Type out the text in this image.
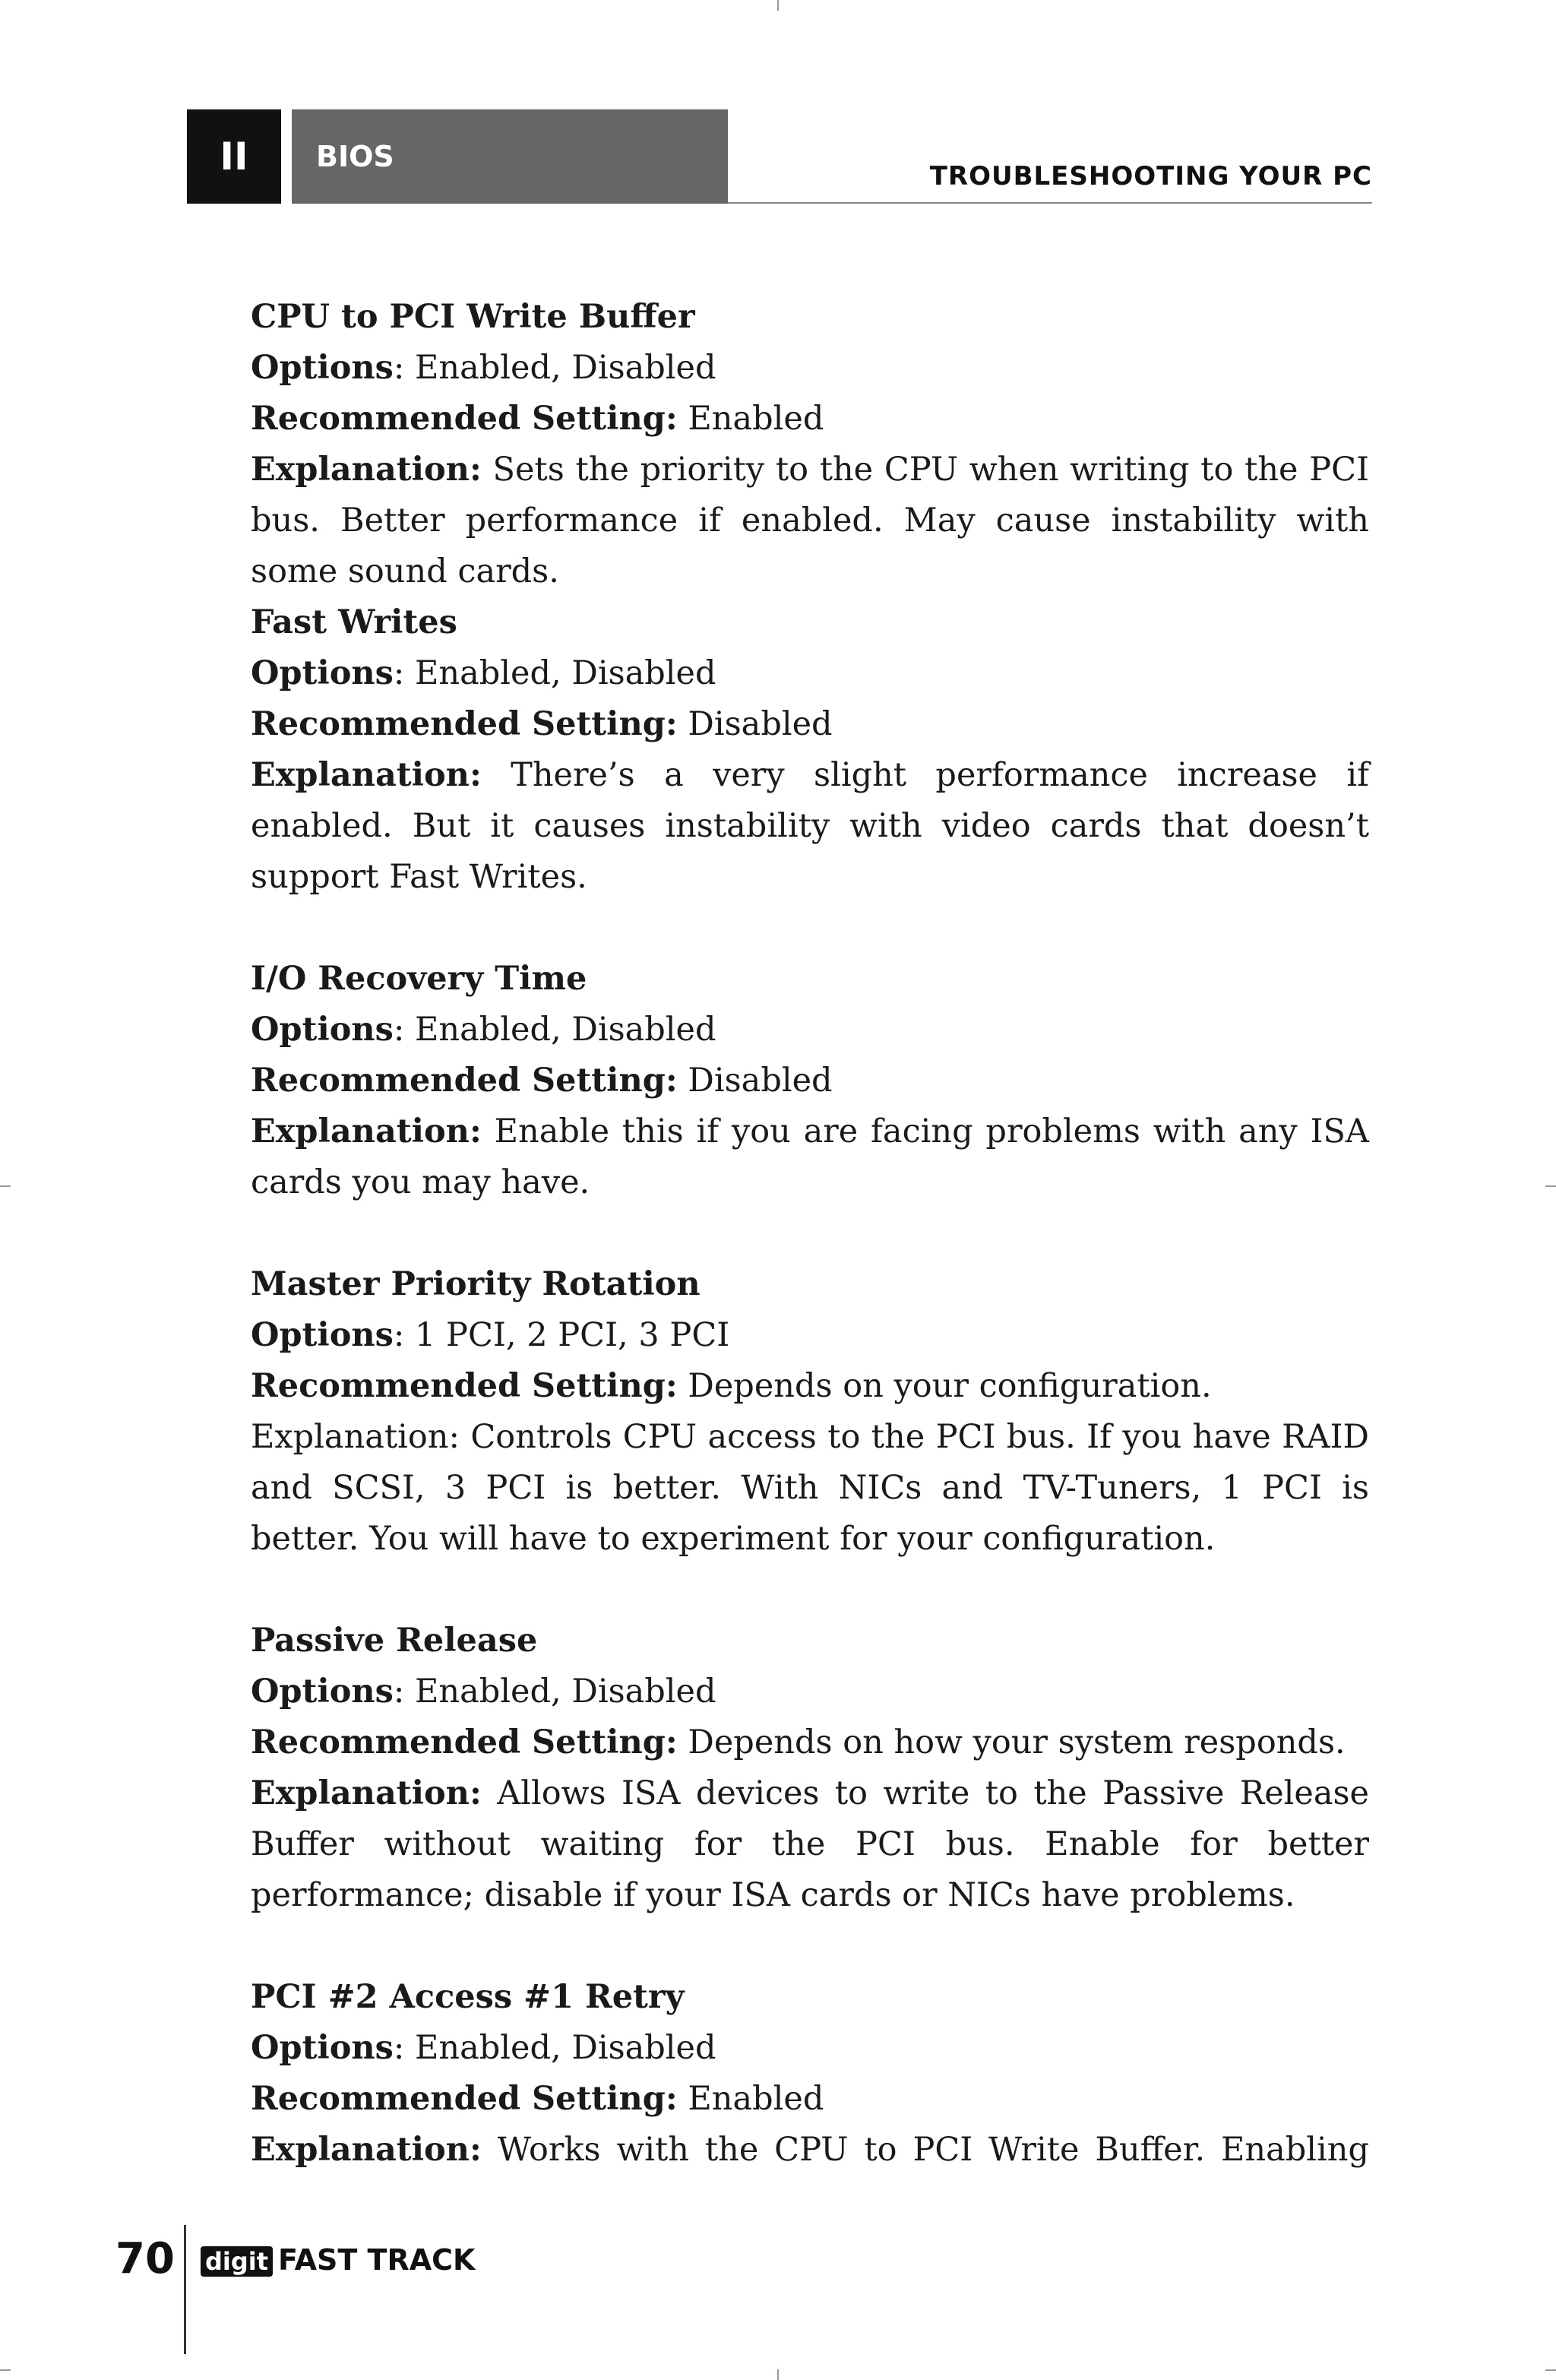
II BIOS
TROUBLESHOOTING YOUR PC

CPU to PCI Write Buffer

Options: Enabled, Disabled

Recommended Setting: Enabled

Explanation: Sets the priority to the CPU when writing to the PCI bus. Better performance if enabled. May cause instability with some sound cards.

Fast Writes

Options: Enabled, Disabled

Recommended Setting: Disabled

Explanation: There’s a very slight performance increase if enabled. But it causes instability with video cards that doesn’t support Fast Writes.

I/O Recovery Time

Options: Enabled, Disabled

Recommended Setting: Disabled

Explanation: Enable this if you are facing problems with any ISA cards you may have.

Master Priority Rotation

Options: 1 PCI, 2 PCI, 3 PCI

Recommended Setting: Depends on your configuration.

Explanation: Controls CPU access to the PCI bus. If you have RAID and SCSI, 3 PCI is better. With NICs and TV-Tuners, 1 PCI is better. You will have to experiment for your configuration.

Passive Release

Options: Enabled, Disabled

Recommended Setting: Depends on how your system responds.

Explanation: Allows ISA devices to write to the Passive Release Buffer without waiting for the PCI bus. Enable for better performance; disable if your ISA cards or NICs have problems.

PCI #2 Access #1 Retry

Options: Enabled, Disabled

Recommended Setting: Enabled

Explanation: Works with the CPU to PCI Write Buffer. Enabling

70 digit FAST TRACK
